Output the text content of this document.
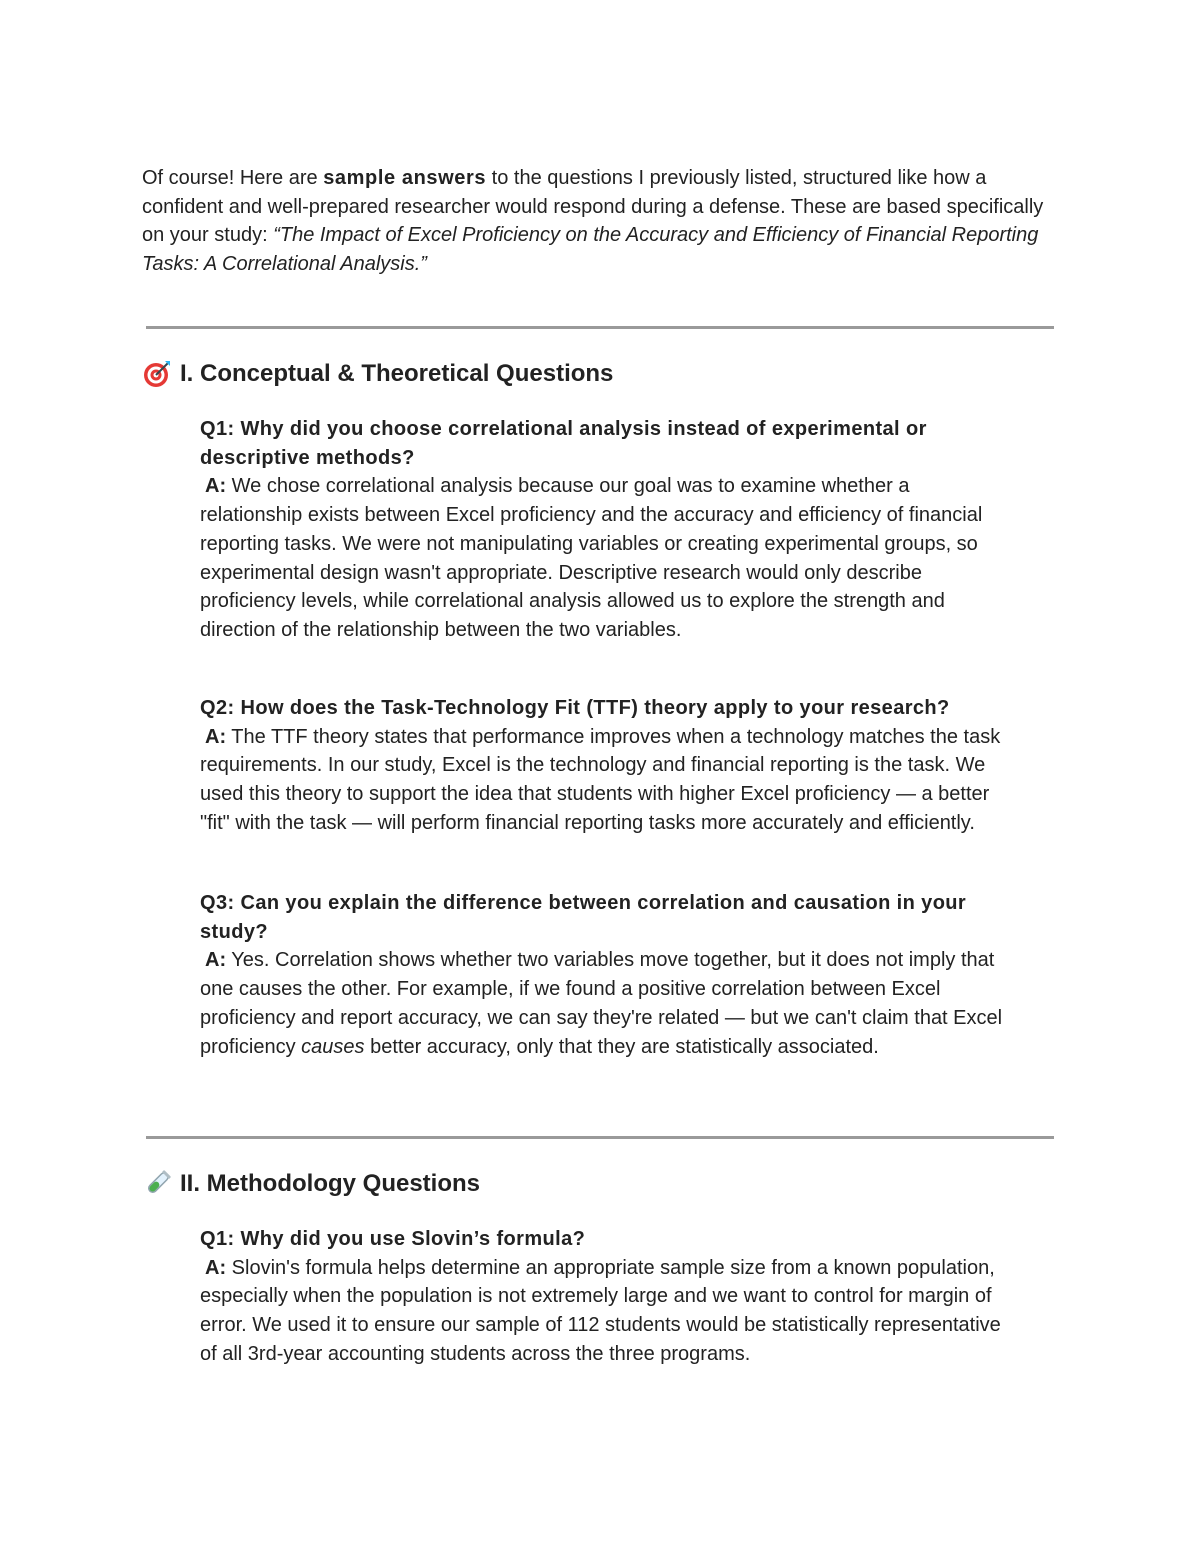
Of course! Here are sample answers to the questions I previously listed, structured like how a confident and well-prepared researcher would respond during a defense. These are based specifically on your study: “The Impact of Excel Proficiency on the Accuracy and Efficiency of Financial Reporting Tasks: A Correlational Analysis.”

I. Conceptual & Theoretical Questions

Q1: Why did you choose correlational analysis instead of experimental or descriptive methods?

A: We chose correlational analysis because our goal was to examine whether a relationship exists between Excel proficiency and the accuracy and efficiency of financial reporting tasks. We were not manipulating variables or creating experimental groups, so experimental design wasn't appropriate. Descriptive research would only describe proficiency levels, while correlational analysis allowed us to explore the strength and direction of the relationship between the two variables.

Q2: How does the Task-Technology Fit (TTF) theory apply to your research?

A: The TTF theory states that performance improves when a technology matches the task requirements. In our study, Excel is the technology and financial reporting is the task. We used this theory to support the idea that students with higher Excel proficiency — a better "fit" with the task — will perform financial reporting tasks more accurately and efficiently.

Q3: Can you explain the difference between correlation and causation in your study?

A: Yes. Correlation shows whether two variables move together, but it does not imply that one causes the other. For example, if we found a positive correlation between Excel proficiency and report accuracy, we can say they're related — but we can't claim that Excel proficiency causes better accuracy, only that they are statistically associated.

II. Methodology Questions

Q1: Why did you use Slovin’s formula?

A: Slovin's formula helps determine an appropriate sample size from a known population, especially when the population is not extremely large and we want to control for margin of error. We used it to ensure our sample of 112 students would be statistically representative of all 3rd-year accounting students across the three programs.
